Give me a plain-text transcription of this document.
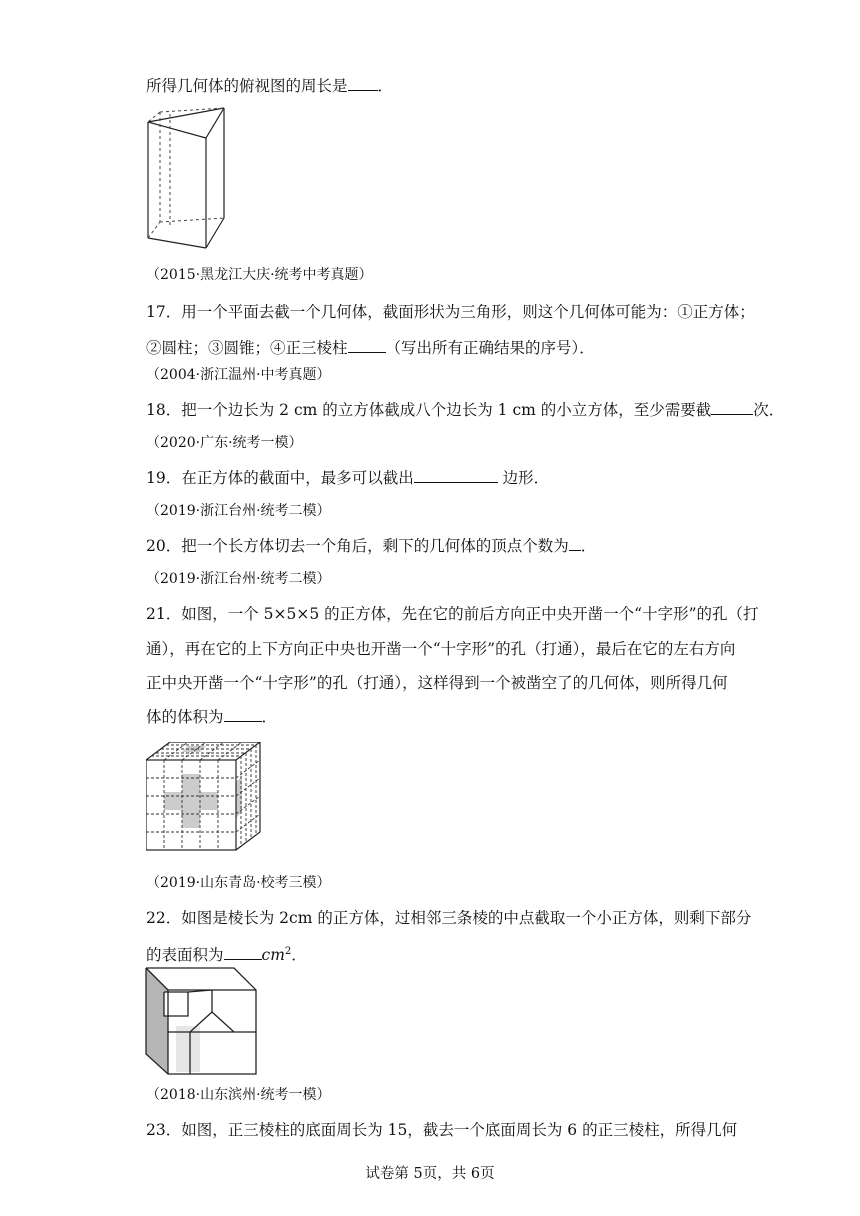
所得几何体的俯视图的周长是 ．
（2015·黑龙江大庆·统考中考真题）
17．用一个平面去截一个几何体，截面形状为三角形，则这个几何体可能为：①正方体；
②圆柱；③圆锥；④正三棱柱 （写出所有正确结果的序号）．
（2004·浙江温州·中考真题）
18．把一个边长为 2 cm 的立方体截成八个边长为 1 cm 的小立方体，至少需要截	次．
（2020·广东·统考一模）
19．在正方体的截面中，最多可以截出	边形．
（2019·浙江台州·统考二模）
20．把一个长方体切去一个角后，剩下的几何体的顶点个数为 ．
（2019·浙江台州·统考二模）
21．如图，一个 5×5×5 的正方体，先在它的前后方向正中央开凿一个“十字形”的孔（打
通），再在它的上下方向正中央也开凿一个“十字形”的孔（打通），最后在它的左右方向
正中央开凿一个“十字形”的孔（打通），这样得到一个被凿空了的几何体，则所得几何
体的体积为 ．
（2019·山东青岛·校考三模）
22．如图是棱长为 2cm 的正方体，过相邻三条棱的中点截取一个小正方体，则剩下部分
的表面积为 $cm^2$．
（2018·山东滨州·统考一模）
23．如图，正三棱柱的底面周长为 15，截去一个底面周长为 6 的正三棱柱，所得几何
试卷第 5页，共 6页
